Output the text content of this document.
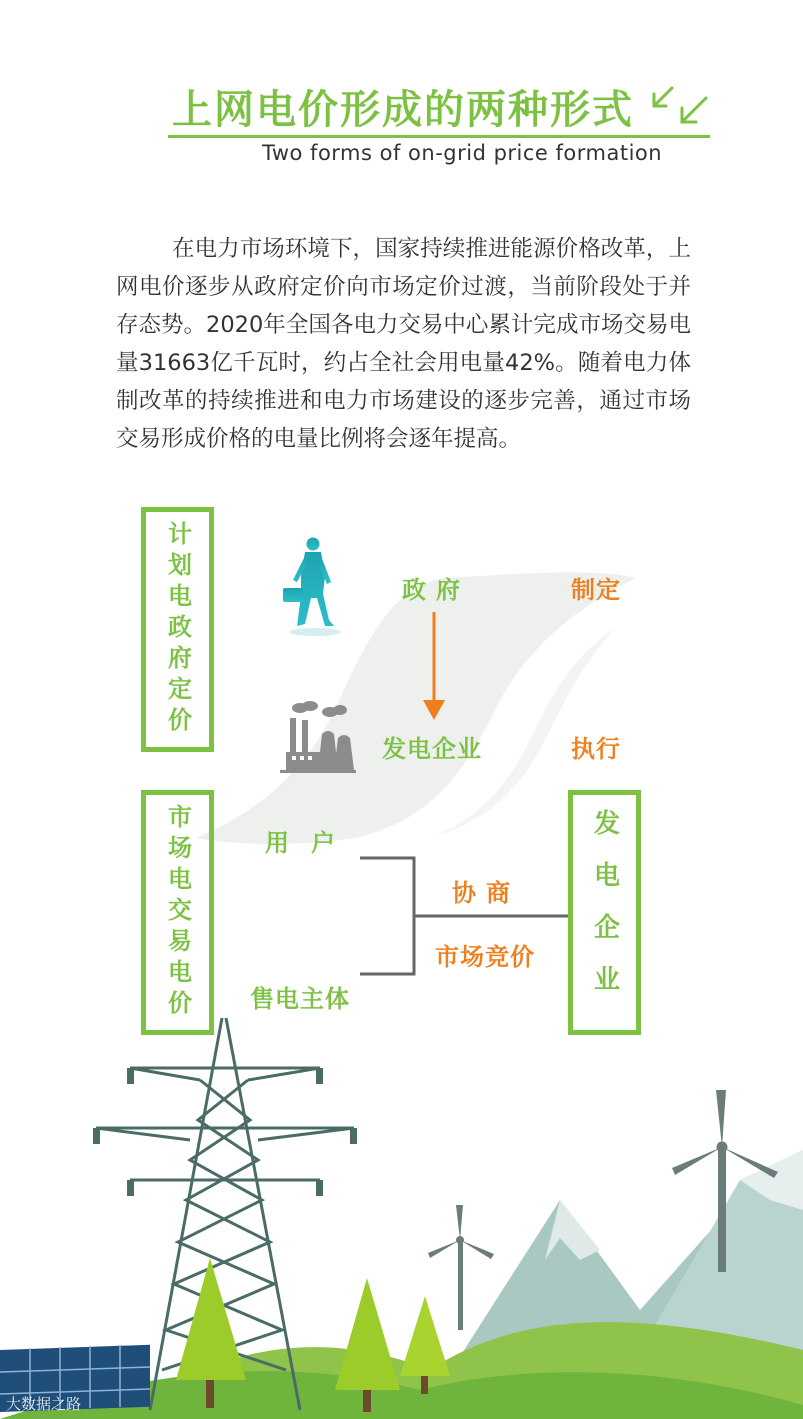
上网电价形成的两种形式
Two forms of on-grid price formation
在电力市场环境下，国家持续推进能源价格改革，上网电价逐步从政府定价向市场定价过渡，当前阶段处于并存态势。2020年全国各电力交易中心累计完成市场交易电量31663亿千瓦时，约占全社会用电量42%。随着电力体制改革的持续推进和电力市场建设的逐步完善，通过市场交易形成价格的电量比例将会逐年提高。
计划电政府定价	政府	制定
发电企业	执行
市场电交易电价	用户
售电主体
协商
市场竞价 发电企业
大数据之路
